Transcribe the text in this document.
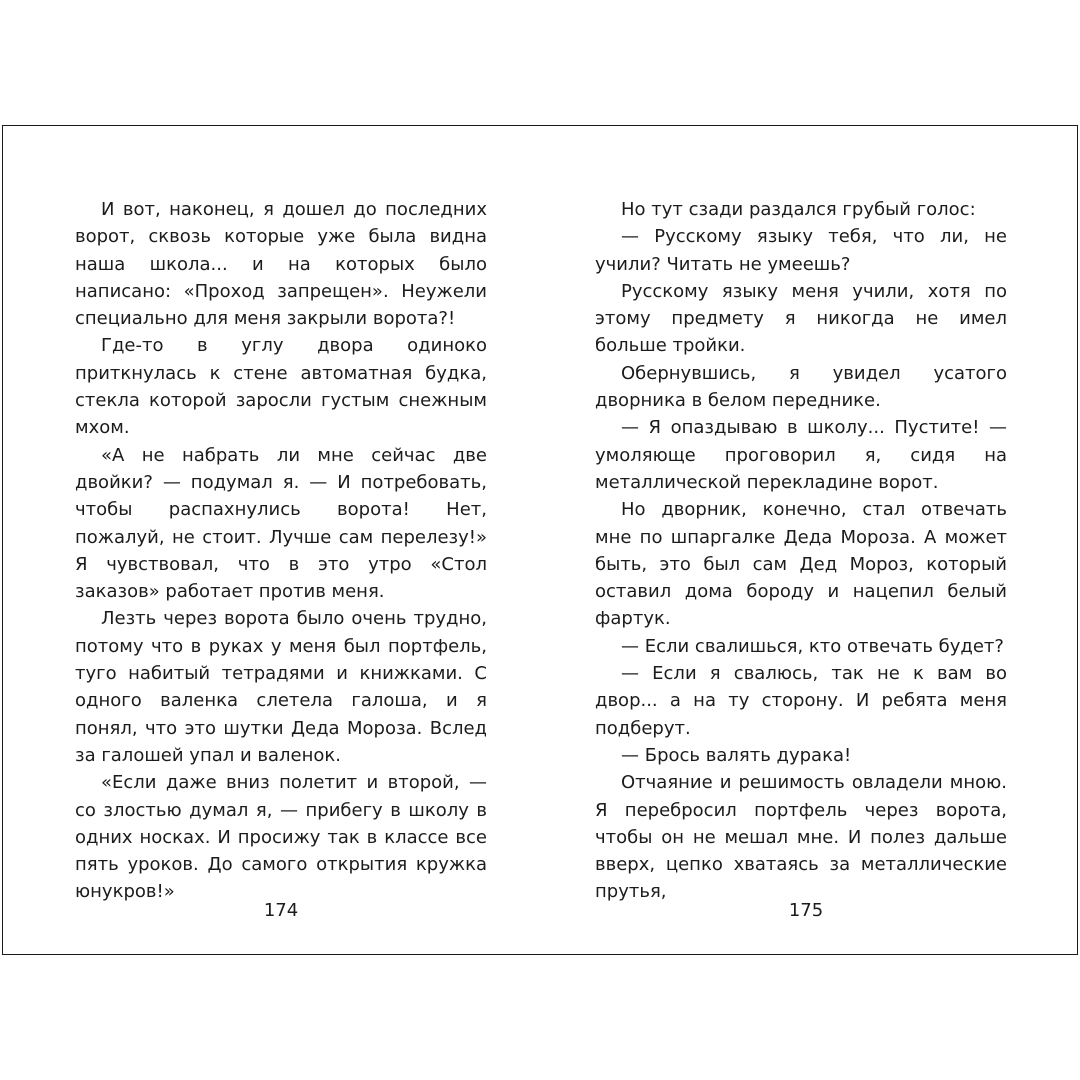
И вот, наконец, я дошел до последних ворот, сквозь которые уже была видна наша школа... и на которых было написано: «Проход запрещен». Неужели специально для меня закрыли ворота?!

Где-то в углу двора одиноко приткнулась к стене автоматная будка, стекла которой заросли густым снежным мхом.

«А не набрать ли мне сейчас две двойки? — подумал я. — И потребовать, чтобы распахнулись ворота! Нет, пожалуй, не стоит. Лучше сам перелезу!» Я чувствовал, что в это утро «Стол заказов» работает против меня.

Лезть через ворота было очень трудно, потому что в руках у меня был портфель, туго набитый тетрадями и книжками. С одного валенка слетела галоша, и я понял, что это шутки Деда Мороза. Вслед за галошей упал и валенок.

«Если даже вниз полетит и второй, — со злостью думал я, — прибегу в школу в одних носках. И просижу так в классе все пять уроков. До самого открытия кружка юнукров!»

174

Но тут сзади раздался грубый голос:

— Русскому языку тебя, что ли, не учили? Читать не умеешь?

Русскому языку меня учили, хотя по этому предмету я никогда не имел больше тройки.

Обернувшись, я увидел усатого дворника в белом переднике.

— Я опаздываю в школу... Пустите! — умоляюще проговорил я, сидя на металлической перекладине ворот.

Но дворник, конечно, стал отвечать мне по шпаргалке Деда Мороза. А может быть, это был сам Дед Мороз, который оставил дома бороду и нацепил белый фартук.

— Если свалишься, кто отвечать будет?

— Если я свалюсь, так не к вам во двор... а на ту сторону. И ребята меня подберут.

— Брось валять дурака!

Отчаяние и решимость овладели мною. Я перебросил портфель через ворота, чтобы он не мешал мне. И полез дальше вверх, цепко хватаясь за металлические прутья,

175
